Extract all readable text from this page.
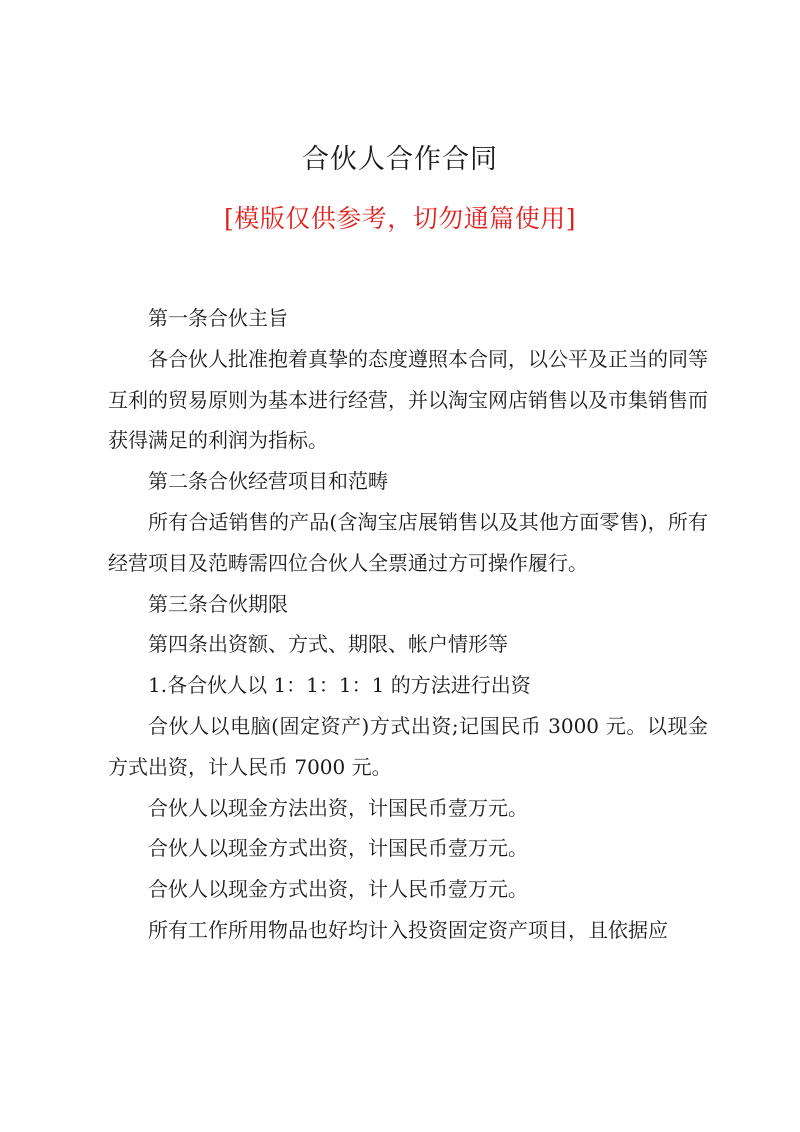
合伙人合作合同
[模版仅供参考，切勿通篇使用]

第一条合伙主旨

各合伙人批准抱着真挚的态度遵照本合同，以公平及正当的同等互利的贸易原则为基本进行经营，并以淘宝网店销售以及市集销售而获得满足的利润为指标。

第二条合伙经营项目和范畴

所有合适销售的产品(含淘宝店展销售以及其他方面零售)，所有经营项目及范畴需四位合伙人全票通过方可操作履行。

第三条合伙期限

第四条出资额、方式、期限、帐户情形等

1.各合伙人以 1：1：1：1 的方法进行出资

合伙人以电脑(固定资产)方式出资;记国民币 3000 元。以现金方式出资，计人民币 7000 元。

合伙人以现金方法出资，计国民币壹万元。

合伙人以现金方式出资，计国民币壹万元。

合伙人以现金方式出资，计人民币壹万元。

所有工作所用物品也好均计入投资固定资产项目，且依据应
